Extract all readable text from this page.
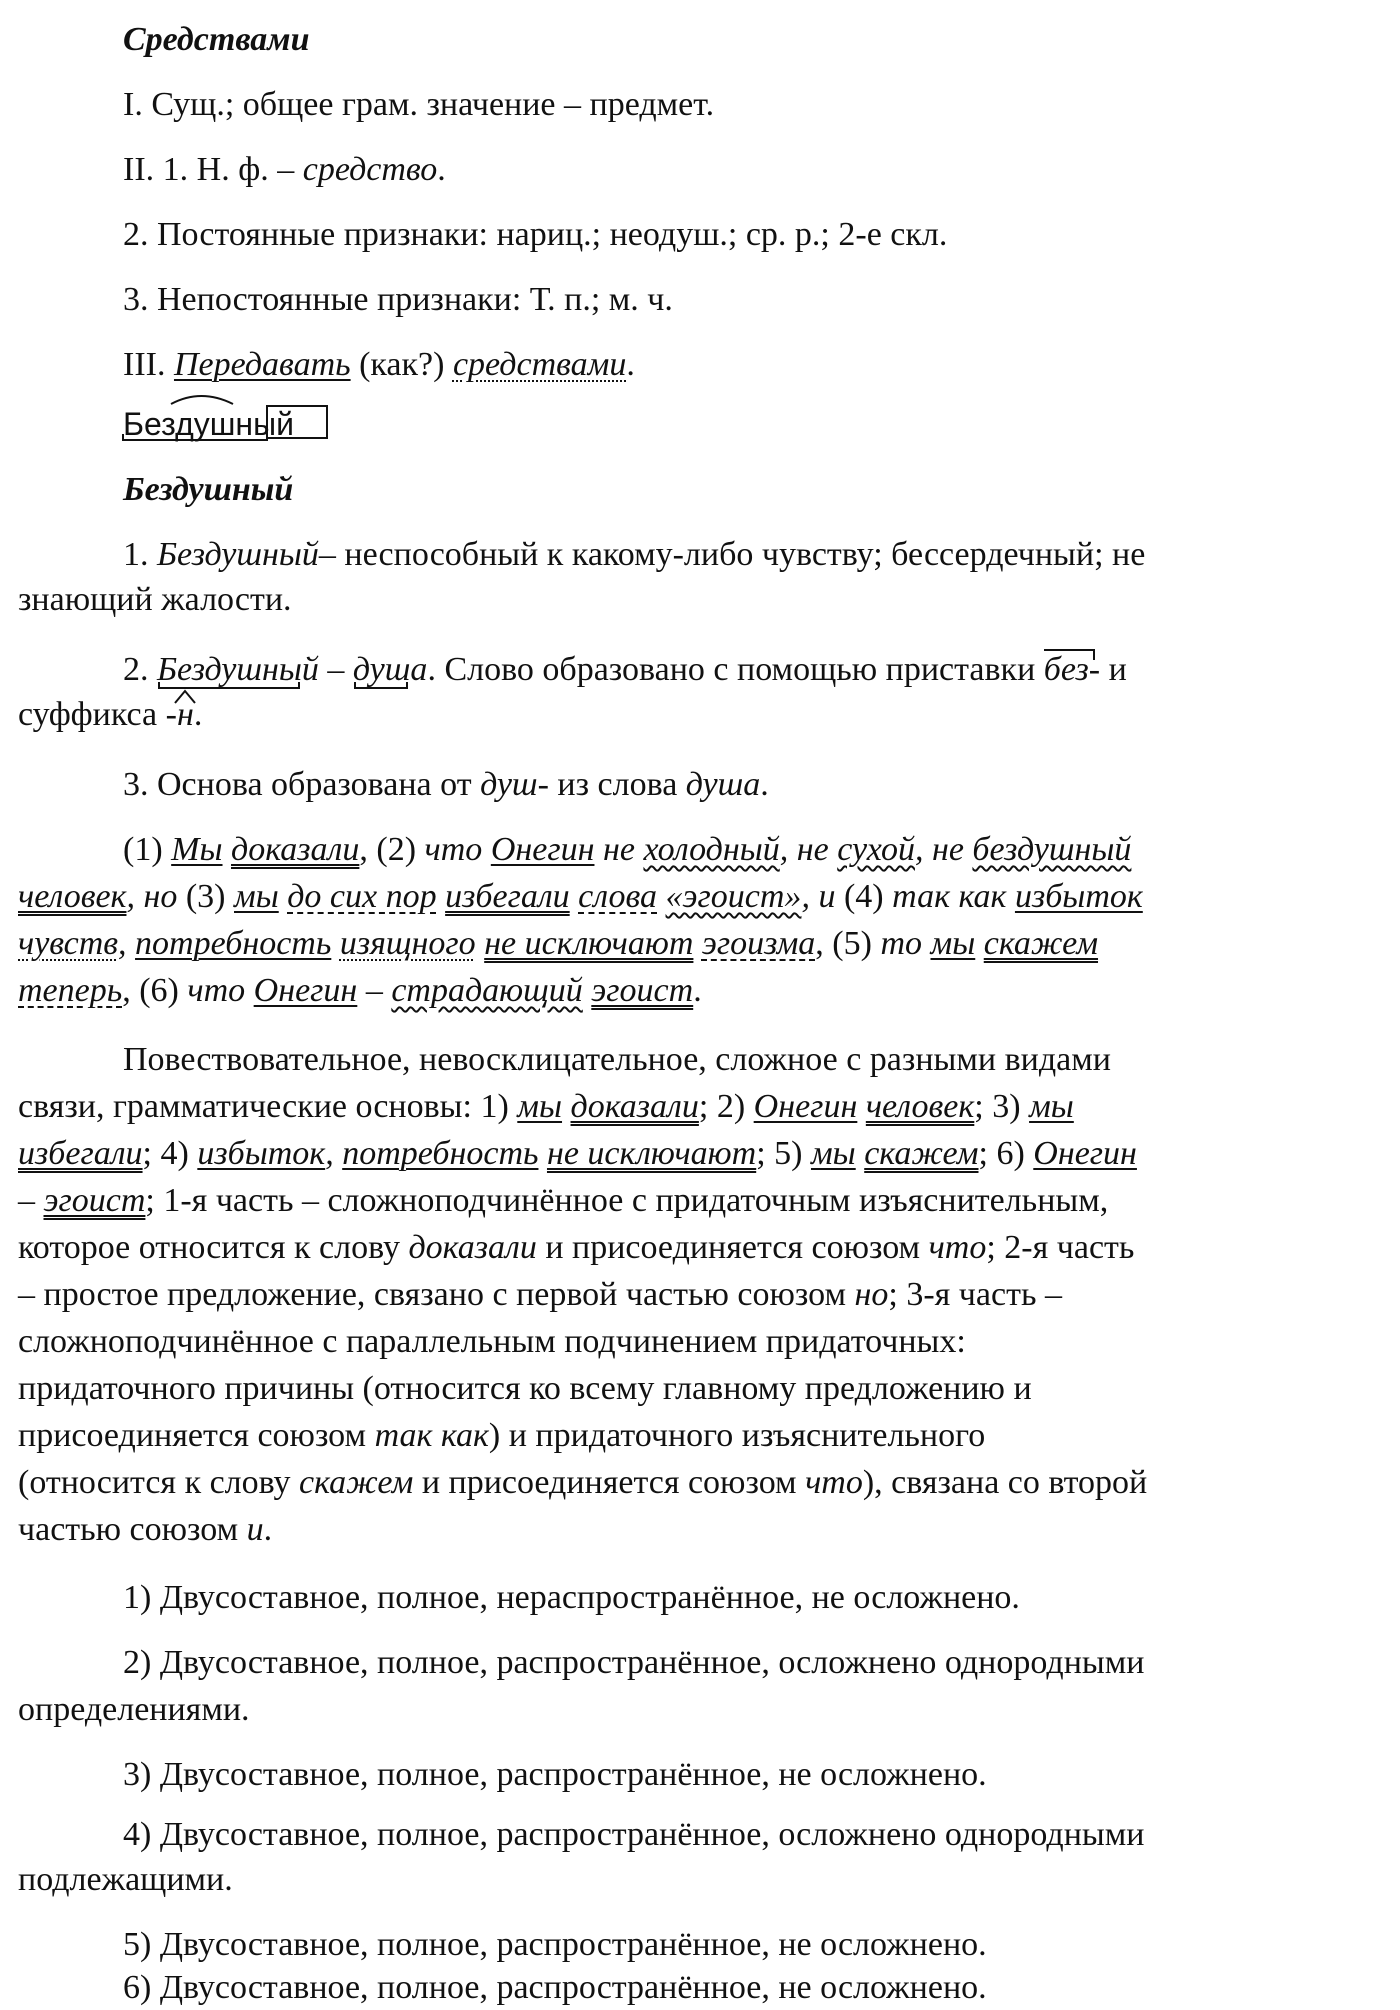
Средствами
I. Сущ.; общее грам. значение – предмет.
II. 1. Н. ф. – средство.
2. Постоянные признаки: нариц.; неодуш.; ср. р.; 2-е скл.
3. Непостоянные признаки: Т. п.; м. ч.
III. Передавать (как?) средствами.
Бездушный
Бездушный
1. Бездушный– неспособный к какому-либо чувству; бессердечный; не
знающий жалости.
2. Бездушный
– душа
. Слово образовано с помощью приставки без
- и
суффикса -н
.
3. Основа образована от душ- из слова душа.
(1) Мы доказали, (2) что Онегин не холодный, не сухой, не бездушный
человек, но (3) мы до сих пор избегали слова «эгоист», и (4) так как избыток
чувств, потребность изящного не исключают эгоизма, (5) то мы скажем
теперь, (6) что Онегин – страдающий эгоист.
Повествовательное, невосклицательное, сложное с разными видами
связи, грамматические основы: 1) мы доказали; 2) Онегин человек; 3) мы
избегали; 4) избыток, потребность не исключают; 5) мы скажем; 6) Онегин
– эгоист; 1-я часть – сложноподчинённое с придаточным изъяснительным,
которое относится к слову доказали и присоединяется союзом что; 2-я часть
– простое предложение, связано с первой частью союзом но; 3-я часть –
сложноподчинённое с параллельным подчинением придаточных:
придаточного причины (относится ко всему главному предложению и
присоединяется союзом так как) и придаточного изъяснительного
(относится к слову скажем и присоединяется союзом что), связана со второй
частью союзом и.
1) Двусоставное, полное, нераспространённое, не осложнено.
2) Двусоставное, полное, распространённое, осложнено однородными
определениями.
3) Двусоставное, полное, распространённое, не осложнено.
4) Двусоставное, полное, распространённое, осложнено однородными
подлежащими.
5) Двусоставное, полное, распространённое, не осложнено.
6) Двусоставное, полное, распространённое, не осложнено.
